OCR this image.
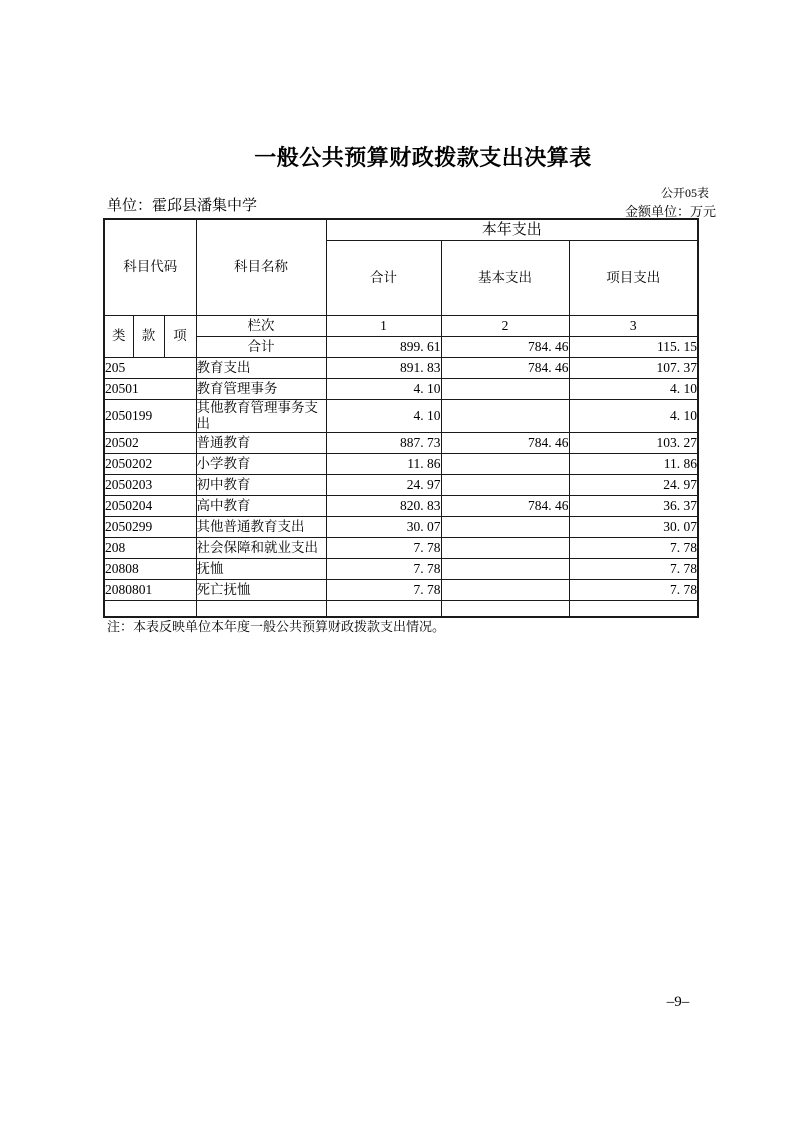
一般公共预算财政拨款支出决算表
公开05表
单位：霍邱县潘集中学	金额单位：万元
科目代码			科目名称	本年支出		
				合计	基本支出	项目支出
类	款	项	栏次	1	2	3
			合计	899. 61	784. 46	115. 15
205			教育支出	891. 83	784. 46	107. 37
20501			教育管理事务	4. 10		4. 10
2050199			其他教育管理事务支出	4. 10		4. 10
20502			普通教育	887. 73	784. 46	103. 27
2050202			小学教育	11. 86		11. 86
2050203			初中教育	24. 97		24. 97
2050204			高中教育	820. 83	784. 46	36. 37
2050299			其他普通教育支出	30. 07		30. 07
208			社会保障和就业支出	7. 78		7. 78
20808			抚恤	7. 78		7. 78
2080801			死亡抚恤	7. 78		7. 78

注：本表反映单位本年度一般公共预算财政拨款支出情况。
–9–
